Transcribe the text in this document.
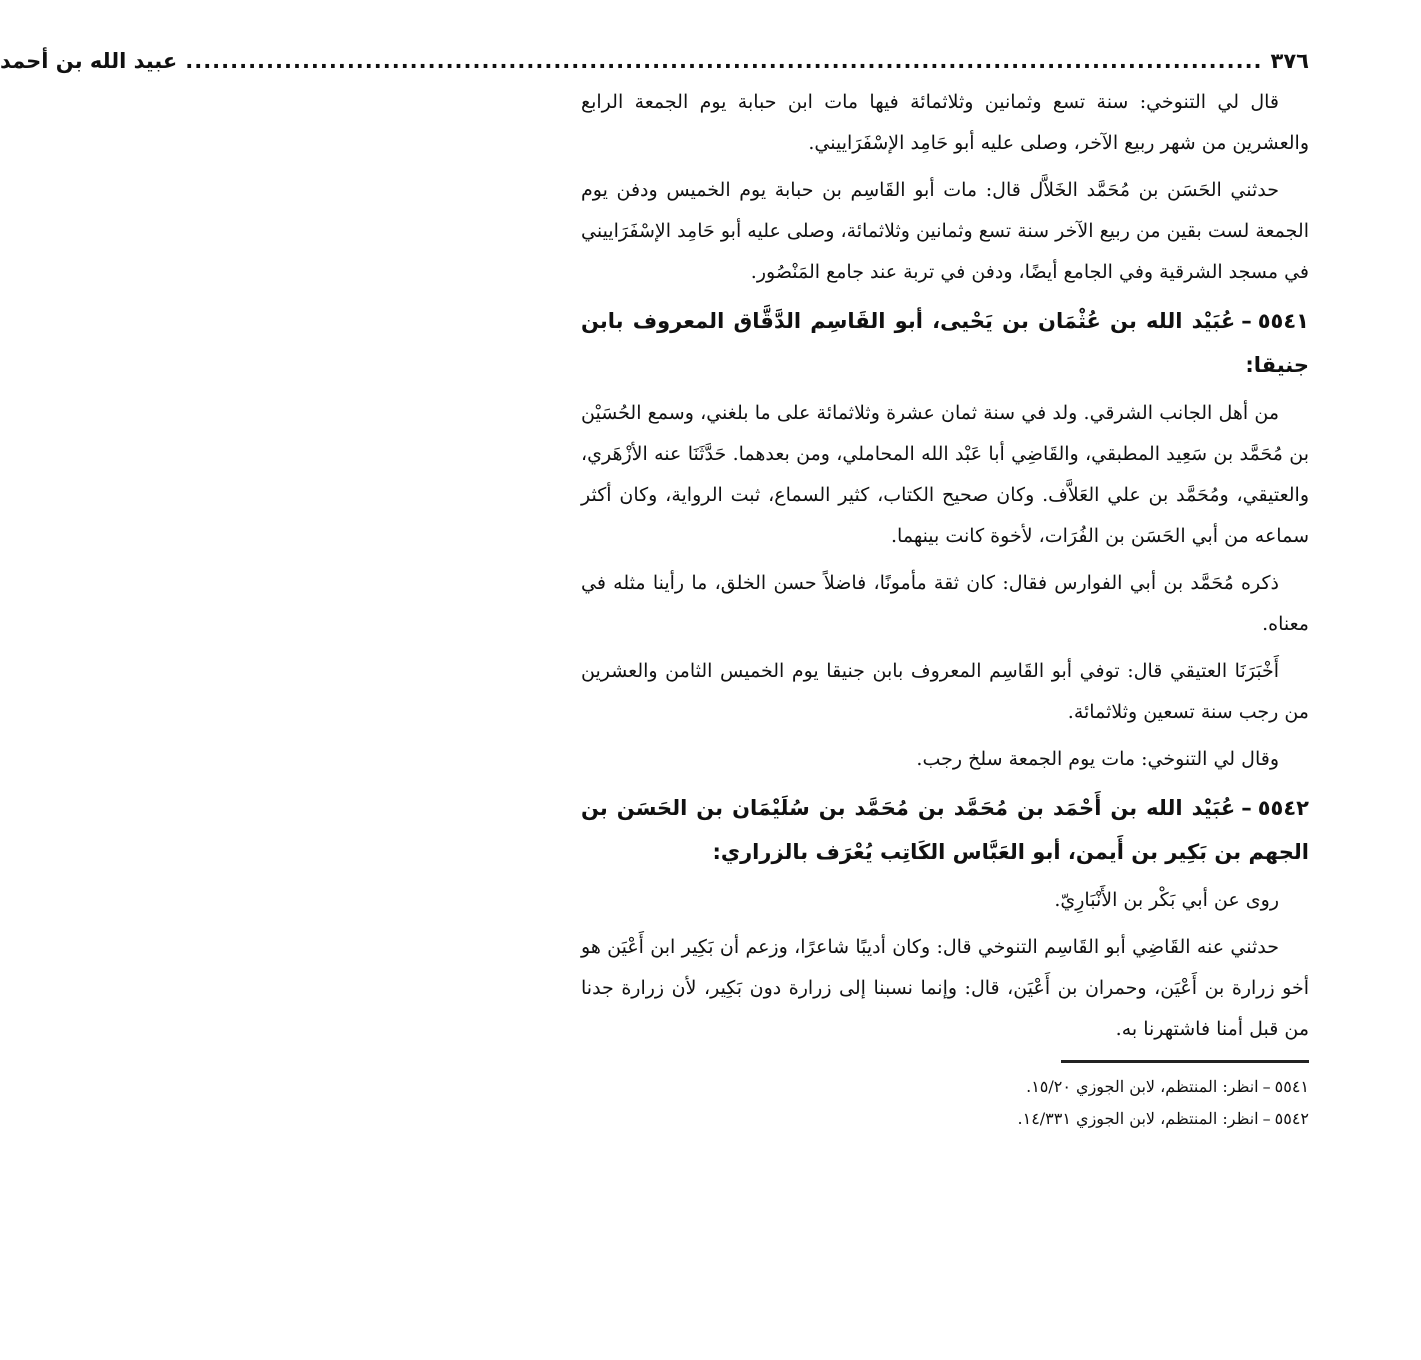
٣٧٦
........................................................................................................................
عبيد الله بن أحمد

قال لي التنوخي: سنة تسع وثمانين وثلاثمائة فيها مات ابن حبابة يوم الجمعة الرابع والعشرين من شهر ربيع الآخر، وصلى عليه أبو حَامِد الإسْفَرَاييني.

حدثني الحَسَن بن مُحَمَّد الخَلاَّل قال: مات أبو القَاسِم بن حبابة يوم الخميس ودفن يوم الجمعة لست بقين من ربيع الآخر سنة تسع وثمانين وثلاثمائة، وصلى عليه أبو حَامِد الإسْفَرَاييني في مسجد الشرقية وفي الجامع أيضًا، ودفن في تربة عند جامع المَنْصُور.

٥٥٤١–عُبَيْد الله بن عُثْمَان بن يَحْيى، أبو القَاسِم الدَّقَّاق المعروف بابن جنيقا:

من أهل الجانب الشرقي. ولد في سنة ثمان عشرة وثلاثمائة على ما بلغني، وسمع الحُسَيْن بن مُحَمَّد بن سَعِيد المطبقي، والقَاضِي أبا عَبْد الله المحاملي، ومن بعدهما. حَدَّثَنَا عنه الأزْهَري، والعتيقي، ومُحَمَّد بن علي العَلاَّف. وكان صحيح الكتاب، كثير السماع، ثبت الرواية، وكان أكثر سماعه من أبي الحَسَن بن الفُرَات، لأخوة كانت بينهما.

ذكره مُحَمَّد بن أبي الفوارس فقال: كان ثقة مأمونًا، فاضلاً حسن الخلق، ما رأينا مثله في معناه.

أَخْبَرَنَا العتيقي قال: توفي أبو القَاسِم المعروف بابن جنيقا يوم الخميس الثامن والعشرين من رجب سنة تسعين وثلاثمائة.

وقال لي التنوخي: مات يوم الجمعة سلخ رجب.

٥٥٤٢–عُبَيْد الله بن أَحْمَد بن مُحَمَّد بن مُحَمَّد بن سُلَيْمَان بن الحَسَن بن الجهم بن بَكِير بن أَيمن، أبو العَبَّاس الكَاتِب يُعْرَف بالزراري:

روى عن أبي بَكْر بن الأَنْبَارِيّ.

حدثني عنه القَاضِي أبو القَاسِم التنوخي قال: وكان أديبًا شاعرًا، وزعم أن بَكِير ابن أَعْيَن هو أخو زرارة بن أَعْيَن، وحمران بن أَعْيَن، قال: وإنما نسبنا إلى زرارة دون بَكِير، لأن زرارة جدنا من قبل أمنا فاشتهرنا به.

٥٥٤١–انظر: المنتظم، لابن الجوزي ١٥/٢٠.

٥٥٤٢–انظر: المنتظم، لابن الجوزي ١٤/٣٣١.
